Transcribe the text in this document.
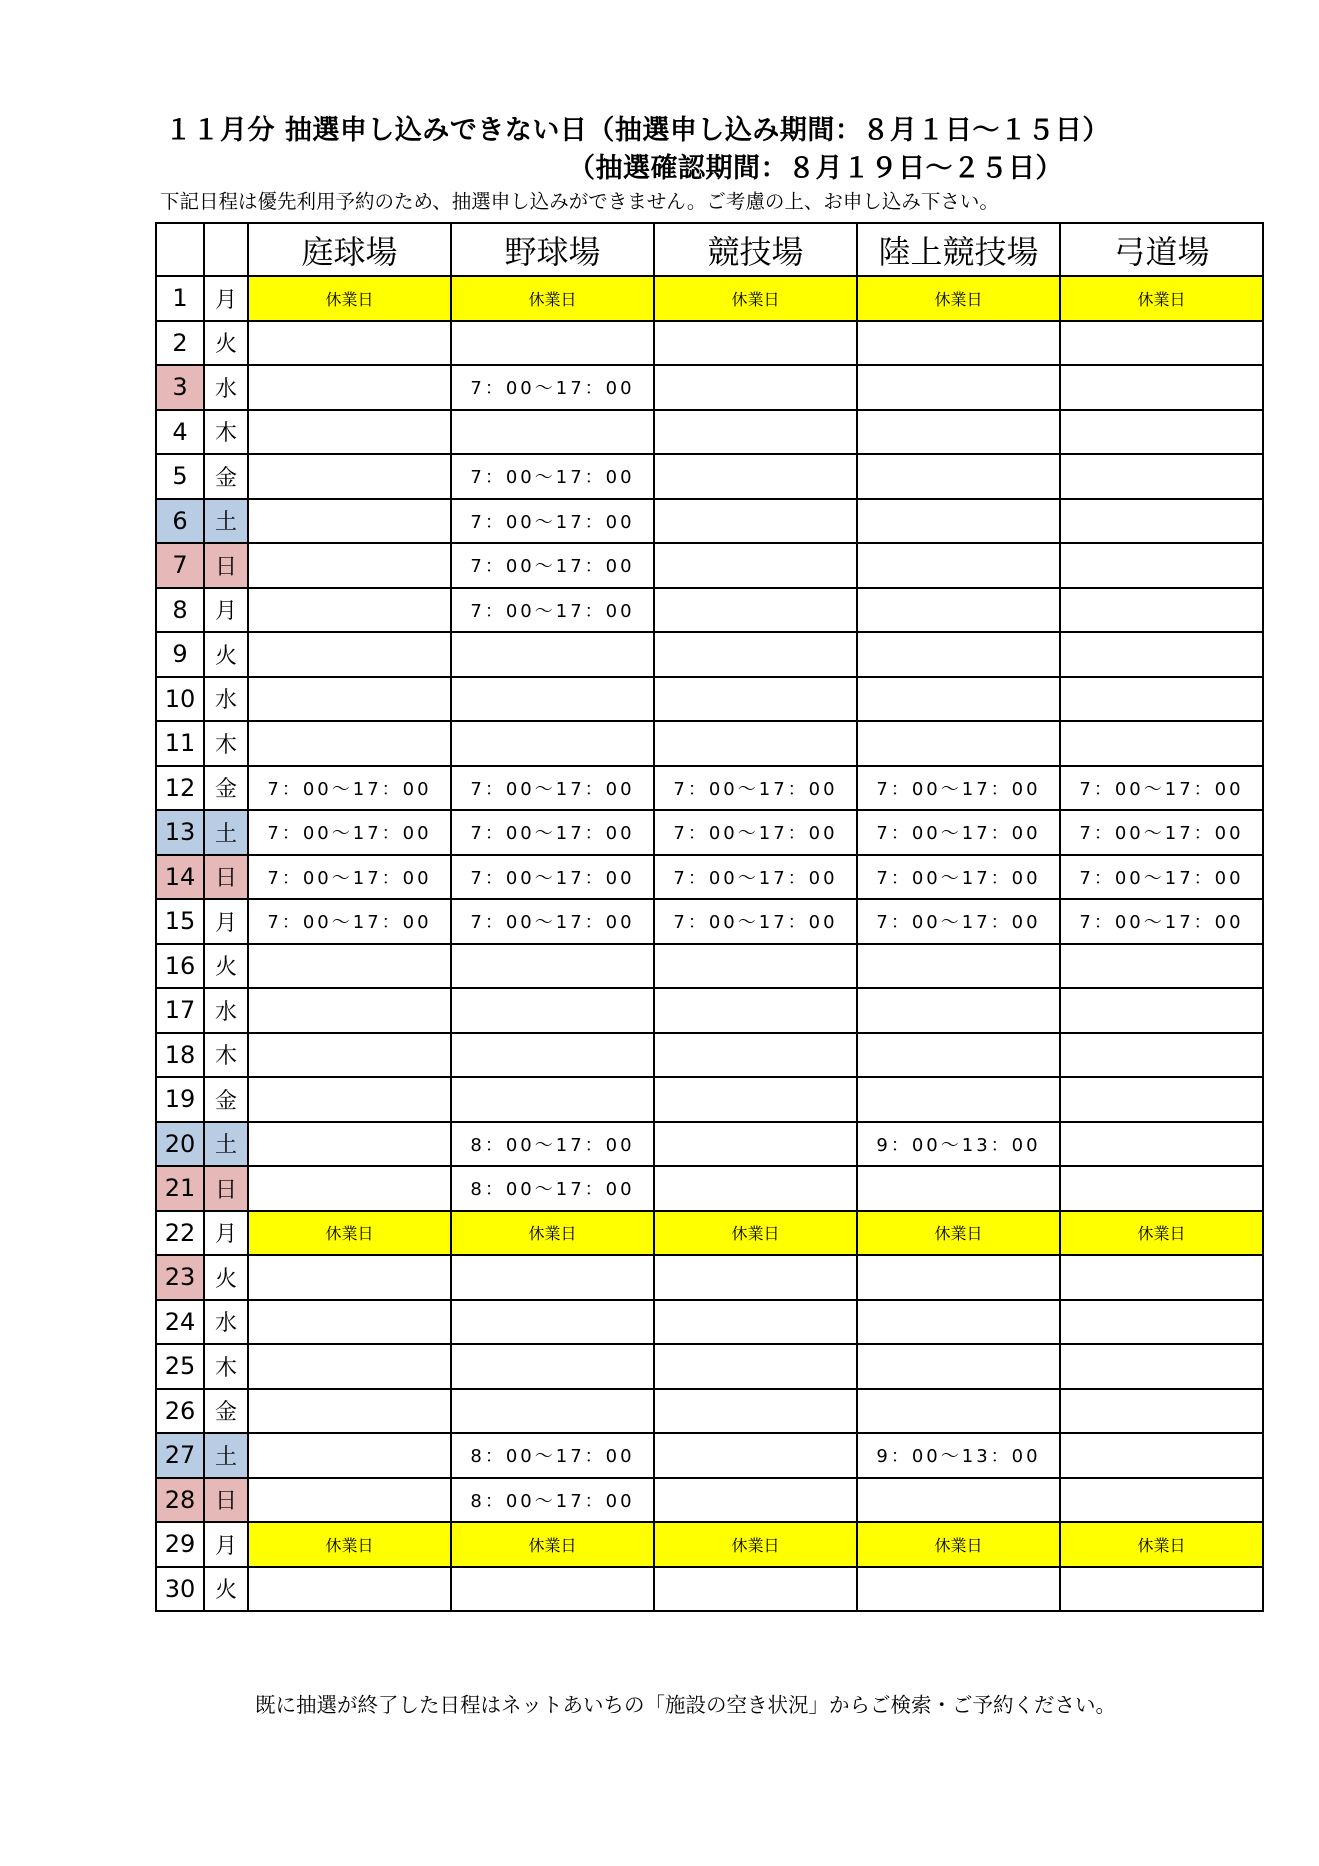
１１月分 抽選申し込みできない日（抽選申し込み期間：８月１日～１５日）
（抽選確認期間：８月１９日～２５日）
下記日程は優先利用予約のため、抽選申し込みができません。ご考慮の上、お申し込み下さい。
		庭球場	野球場	競技場	陸上競技場	弓道場
1	月	休業日	休業日	休業日	休業日	休業日
2	火					
3	水		7：00～17：00			
4	木					
5	金		7：00～17：00			
6	土		7：00～17：00			
7	日		7：00～17：00			
8	月		7：00～17：00			
9	火					
10	水					
11	木					
12	金	7：00～17：00	7：00～17：00	7：00～17：00	7：00～17：00	7：00～17：00
13	土	7：00～17：00	7：00～17：00	7：00～17：00	7：00～17：00	7：00～17：00
14	日	7：00～17：00	7：00～17：00	7：00～17：00	7：00～17：00	7：00～17：00
15	月	7：00～17：00	7：00～17：00	7：00～17：00	7：00～17：00	7：00～17：00
16	火					
17	水					
18	木					
19	金					
20	土		8：00～17：00		9：00～13：00	
21	日		8：00～17：00			
22	月	休業日	休業日	休業日	休業日	休業日
23	火					
24	水					
25	木					
26	金					
27	土		8：00～17：00		9：00～13：00	
28	日		8：00～17：00			
29	月	休業日	休業日	休業日	休業日	休業日
30	火					
既に抽選が終了した日程はネットあいちの「施設の空き状況」からご検索・ご予約ください。
